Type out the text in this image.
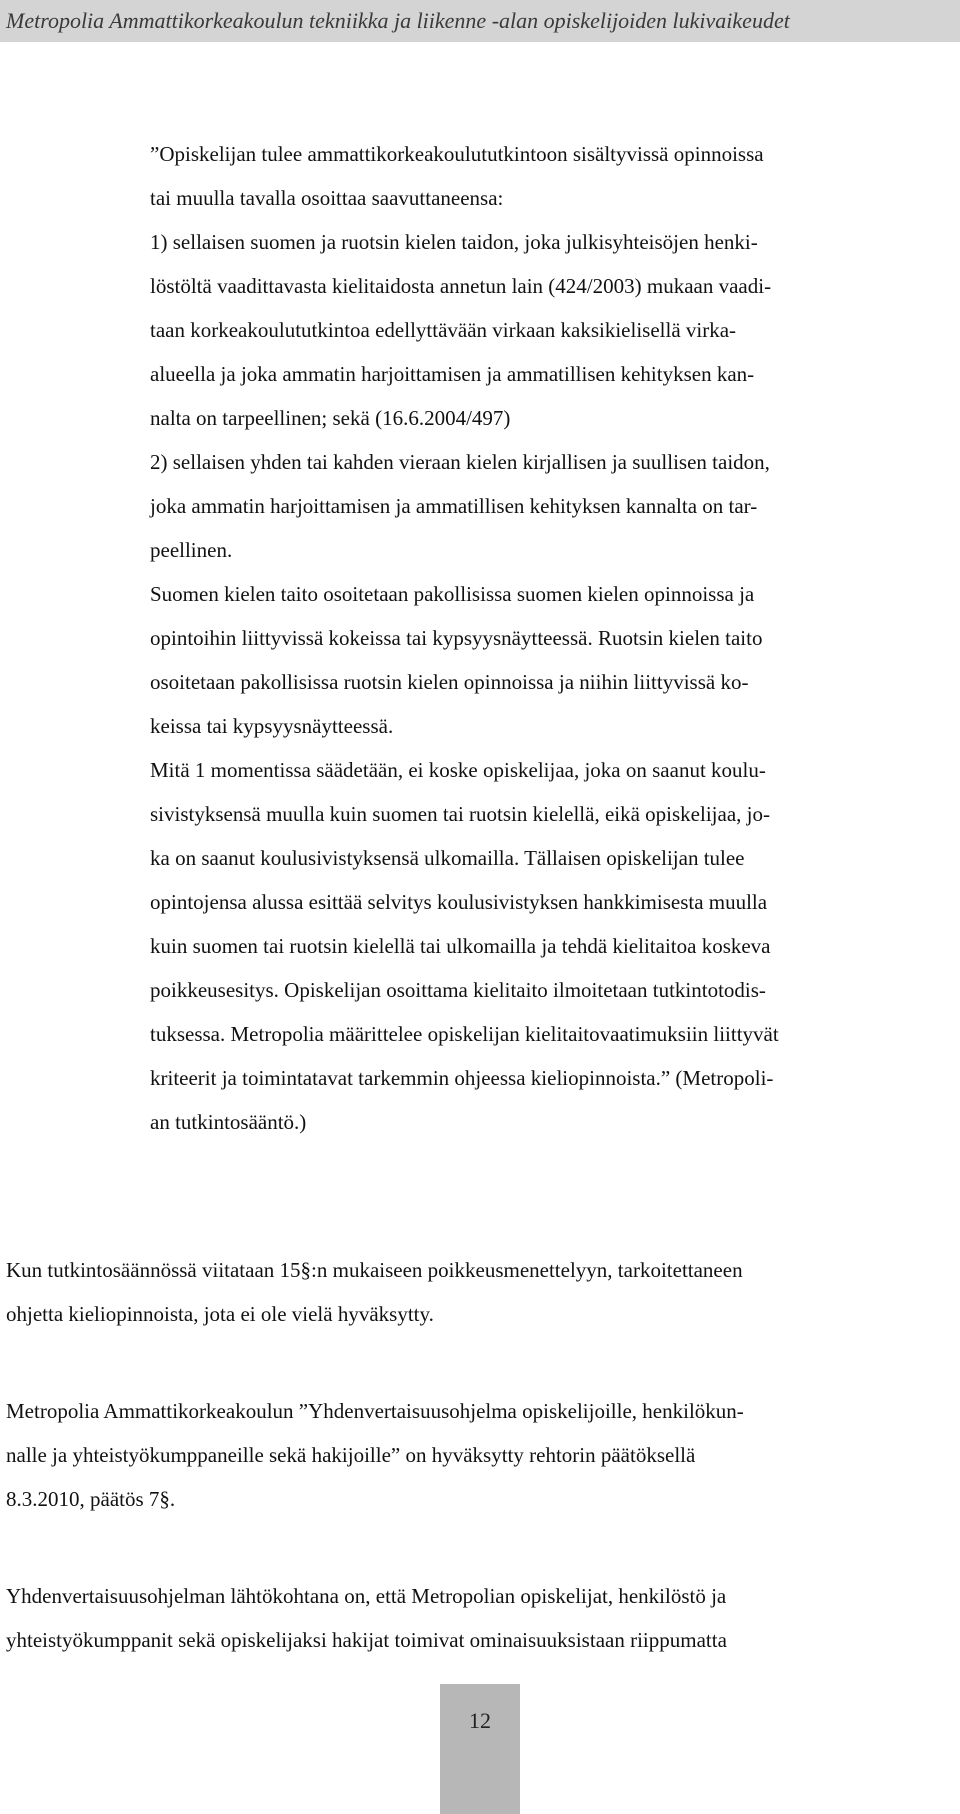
Metropolia Ammattikorkeakoulun tekniikka ja liikenne -alan opiskelijoiden lukivaikeudet
”Opiskelijan tulee ammattikorkeakoulututkintoon sisältyvissä opinnoissa
tai muulla tavalla osoittaa saavuttaneensa:
1) sellaisen suomen ja ruotsin kielen taidon, joka julkisyhteisöjen henki-
löstöltä vaadittavasta kielitaidosta annetun lain (424/2003) mukaan vaadi-
taan korkeakoulututkintoa edellyttävään virkaan kaksikielisellä virka-
alueella ja joka ammatin harjoittamisen ja ammatillisen kehityksen kan-
nalta on tarpeellinen; sekä (16.6.2004/497)
2) sellaisen yhden tai kahden vieraan kielen kirjallisen ja suullisen taidon,
joka ammatin harjoittamisen ja ammatillisen kehityksen kannalta on tar-
peellinen.
Suomen kielen taito osoitetaan pakollisissa suomen kielen opinnoissa ja
opintoihin liittyvissä kokeissa tai kypsyysnäytteessä. Ruotsin kielen taito
osoitetaan pakollisissa ruotsin kielen opinnoissa ja niihin liittyvissä ko-
keissa tai kypsyysnäytteessä.
Mitä 1 momentissa säädetään, ei koske opiskelijaa, joka on saanut koulu-
sivistyksensä muulla kuin suomen tai ruotsin kielellä, eikä opiskelijaa, jo-
ka on saanut koulusivistyksensä ulkomailla. Tällaisen opiskelijan tulee
opintojensa alussa esittää selvitys koulusivistyksen hankkimisesta muulla
kuin suomen tai ruotsin kielellä tai ulkomailla ja tehdä kielitaitoa koskeva
poikkeusesitys. Opiskelijan osoittama kielitaito ilmoitetaan tutkintotodis-
tuksessa. Metropolia määrittelee opiskelijan kielitaitovaatimuksiin liittyvät
kriteerit ja toimintatavat tarkemmin ohjeessa kieliopinnoista.” (Metropoli-
an tutkintosääntö.)
Kun tutkintosäännössä viitataan 15§:n mukaiseen poikkeusmenettelyyn, tarkoitettaneen
ohjetta kieliopinnoista, jota ei ole vielä hyväksytty.
Metropolia Ammattikorkeakoulun ”Yhdenvertaisuusohjelma opiskelijoille, henkilökun-
nalle ja yhteistyökumppaneille sekä hakijoille” on hyväksytty rehtorin päätöksellä
8.3.2010, päätös 7§.
Yhdenvertaisuusohjelman lähtökohtana on, että Metropolian opiskelijat, henkilöstö ja
yhteistyökumppanit sekä opiskelijaksi hakijat toimivat ominaisuuksistaan riippumatta
12
